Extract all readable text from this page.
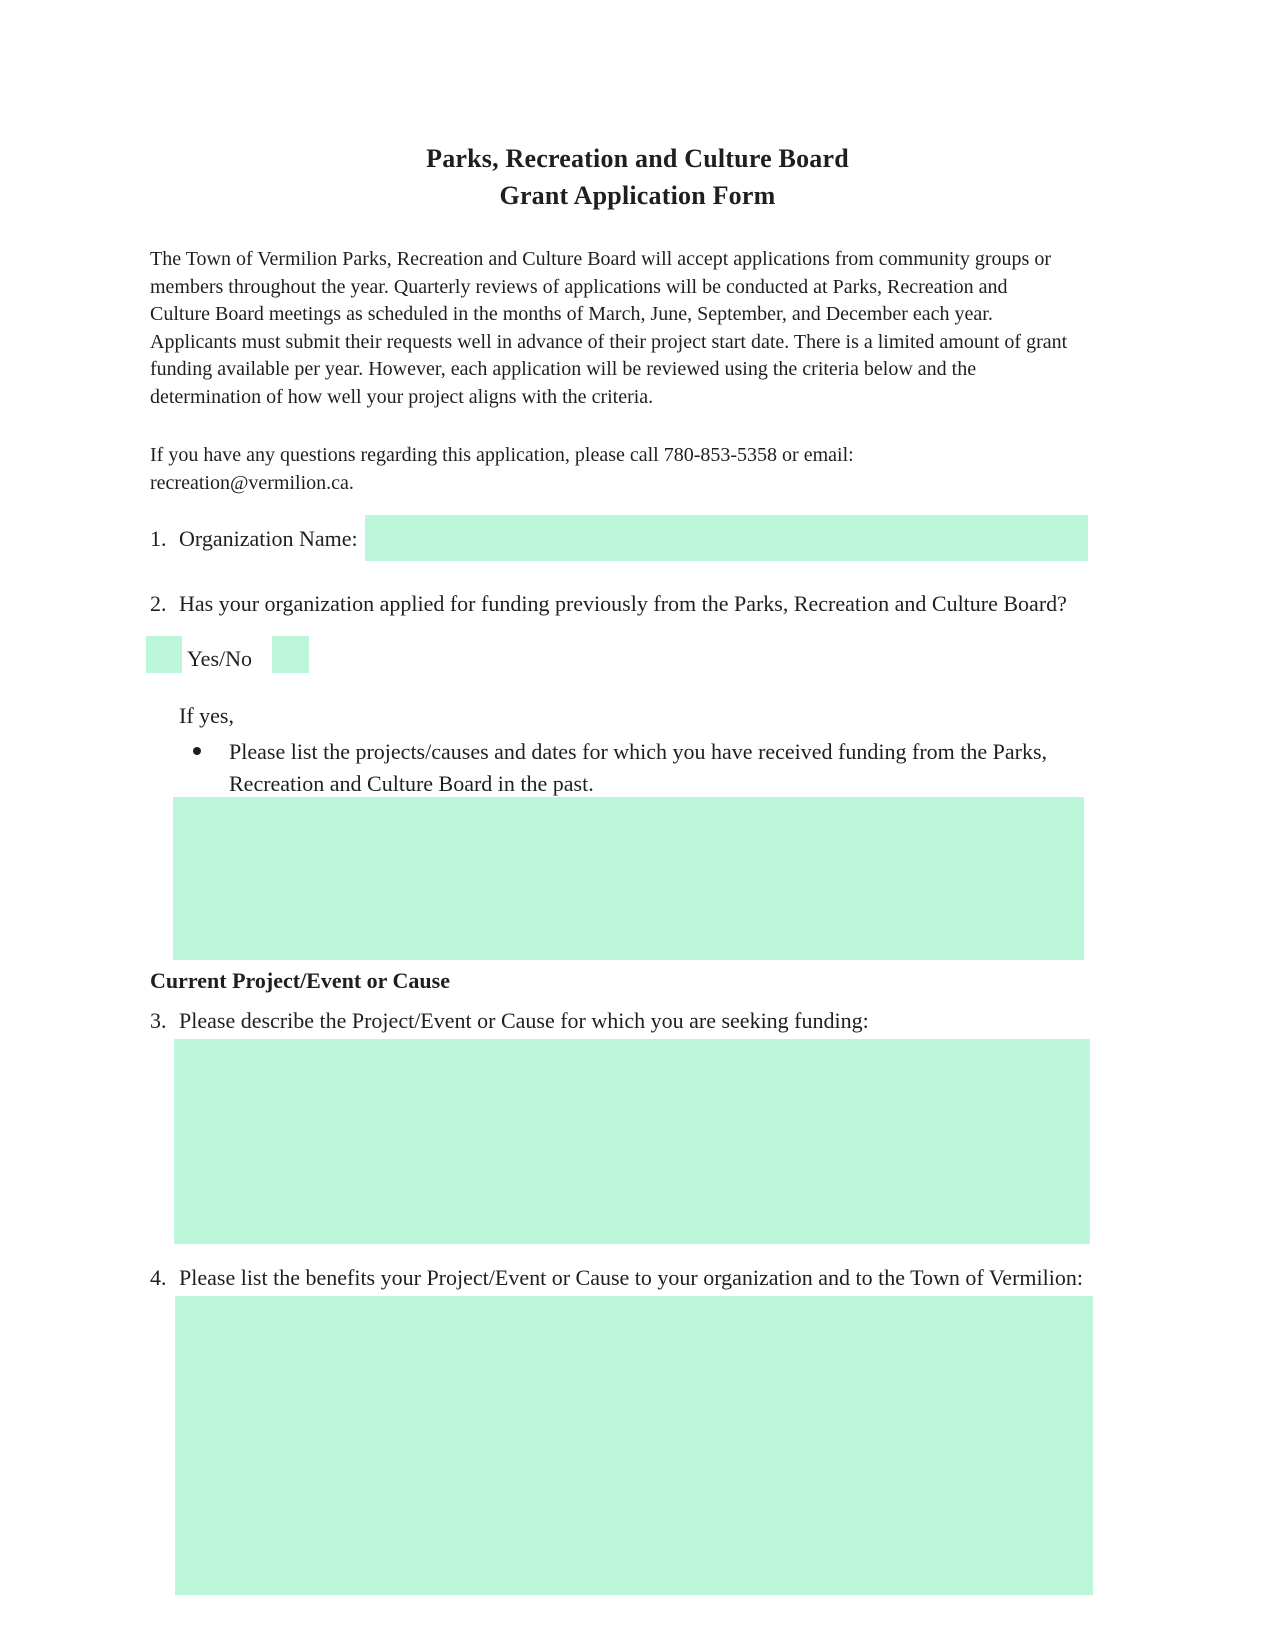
Parks, Recreation and Culture Board
Grant Application Form
The Town of Vermilion Parks, Recreation and Culture Board will accept applications from community groups or
members throughout the year. Quarterly reviews of applications will be conducted at Parks, Recreation and
Culture Board meetings as scheduled in the months of March, June, September, and December each year.
Applicants must submit their requests well in advance of their project start date. There is a limited amount of grant
funding available per year. However, each application will be reviewed using the criteria below and the
determination of how well your project aligns with the criteria.
If you have any questions regarding this application, please call 780-853-5358 or email:
recreation@vermilion.ca.
1. Organization Name:
2. Has your organization applied for funding previously from the Parks, Recreation and Culture Board?
Yes/No
If yes,
Please list the projects/causes and dates for which you have received funding from the Parks,
Recreation and Culture Board in the past.
Current Project/Event or Cause
3. Please describe the Project/Event or Cause for which you are seeking funding:
4. Please list the benefits your Project/Event or Cause to your organization and to the Town of Vermilion:
